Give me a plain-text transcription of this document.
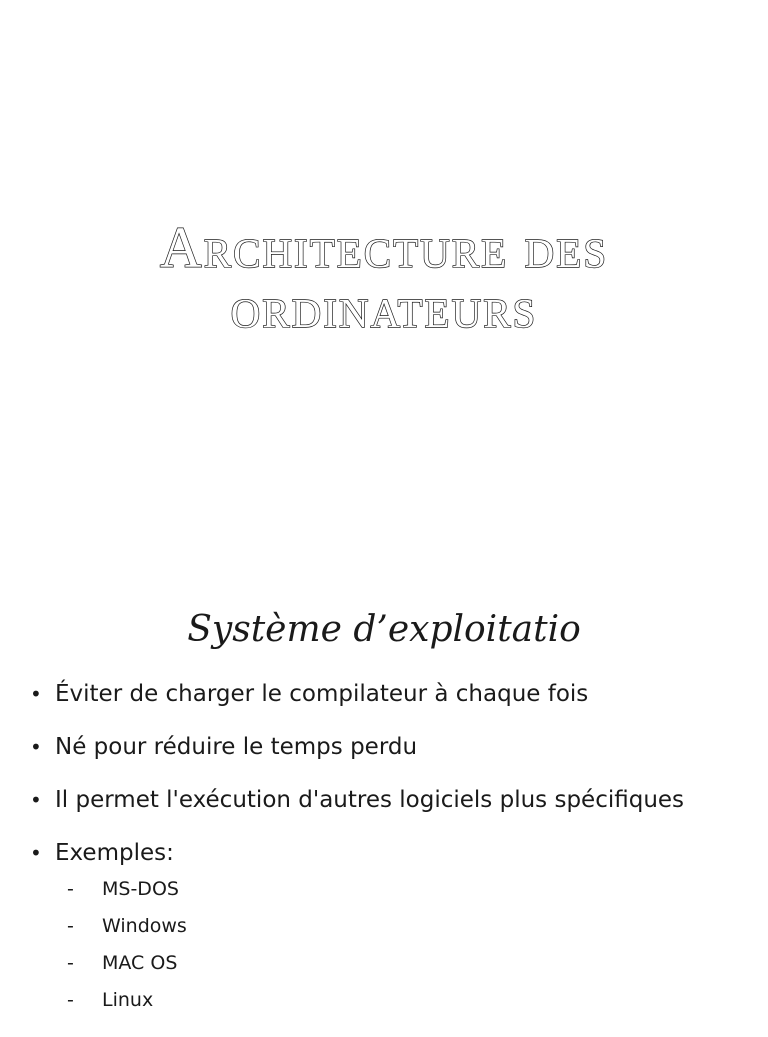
Architecture des
ordinateurs
Système d’exploitatio
• Éviter de charger le compilateur à chaque fois
• Né pour réduire le temps perdu
• Il permet l'exécution d'autres logiciels plus spécifiques
• Exemples:
- MS-DOS
- Windows
- MAC OS
- Linux
